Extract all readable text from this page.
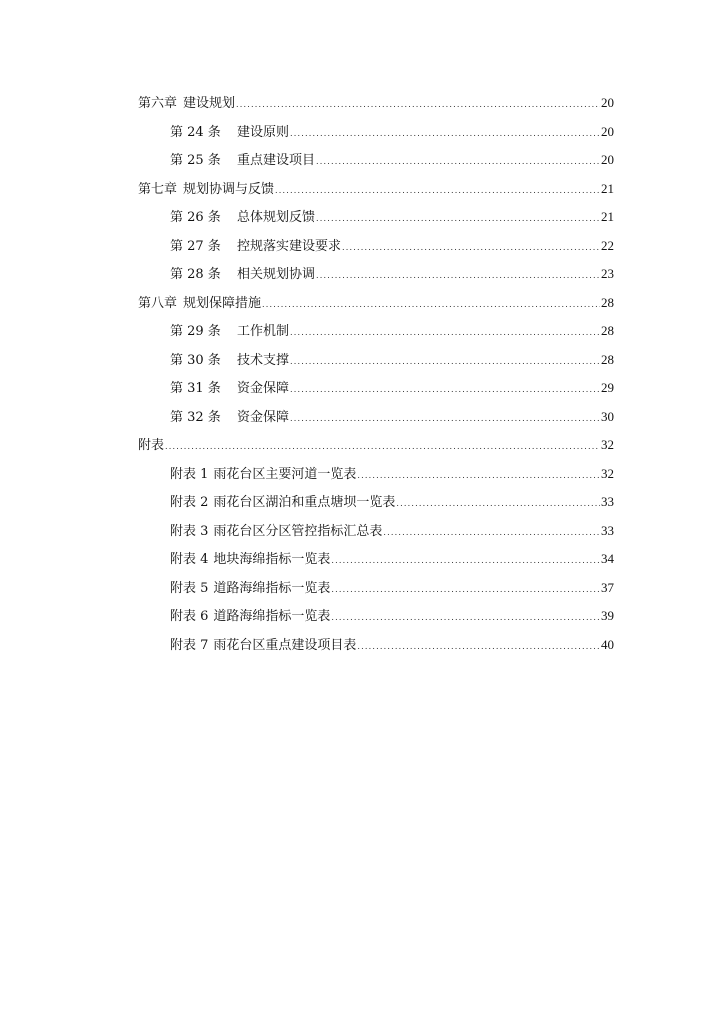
第六章 建设规划 .....	20
第 24 条 建设原则 .....	20
第 25 条 重点建设项目 .....	20
第七章 规划协调与反馈 .....	21
第 26 条 总体规划反馈 .....	21
第 27 条 控规落实建设要求 .....	22
第 28 条 相关规划协调 .....	23
第八章 规划保障措施 .....	28
第 29 条 工作机制 .....	28
第 30 条 技术支撑 .....	28
第 31 条 资金保障 .....	29
第 32 条 资金保障 .....	30
附表 .....	32
附表 1 雨花台区主要河道一览表 .....	32
附表 2 雨花台区湖泊和重点塘坝一览表 .....	33
附表 3 雨花台区分区管控指标汇总表 .....	33
附表 4 地块海绵指标一览表 .....	34
附表 5 道路海绵指标一览表 .....	37
附表 6 道路海绵指标一览表 .....	39
附表 7 雨花台区重点建设项目表 .....	40
